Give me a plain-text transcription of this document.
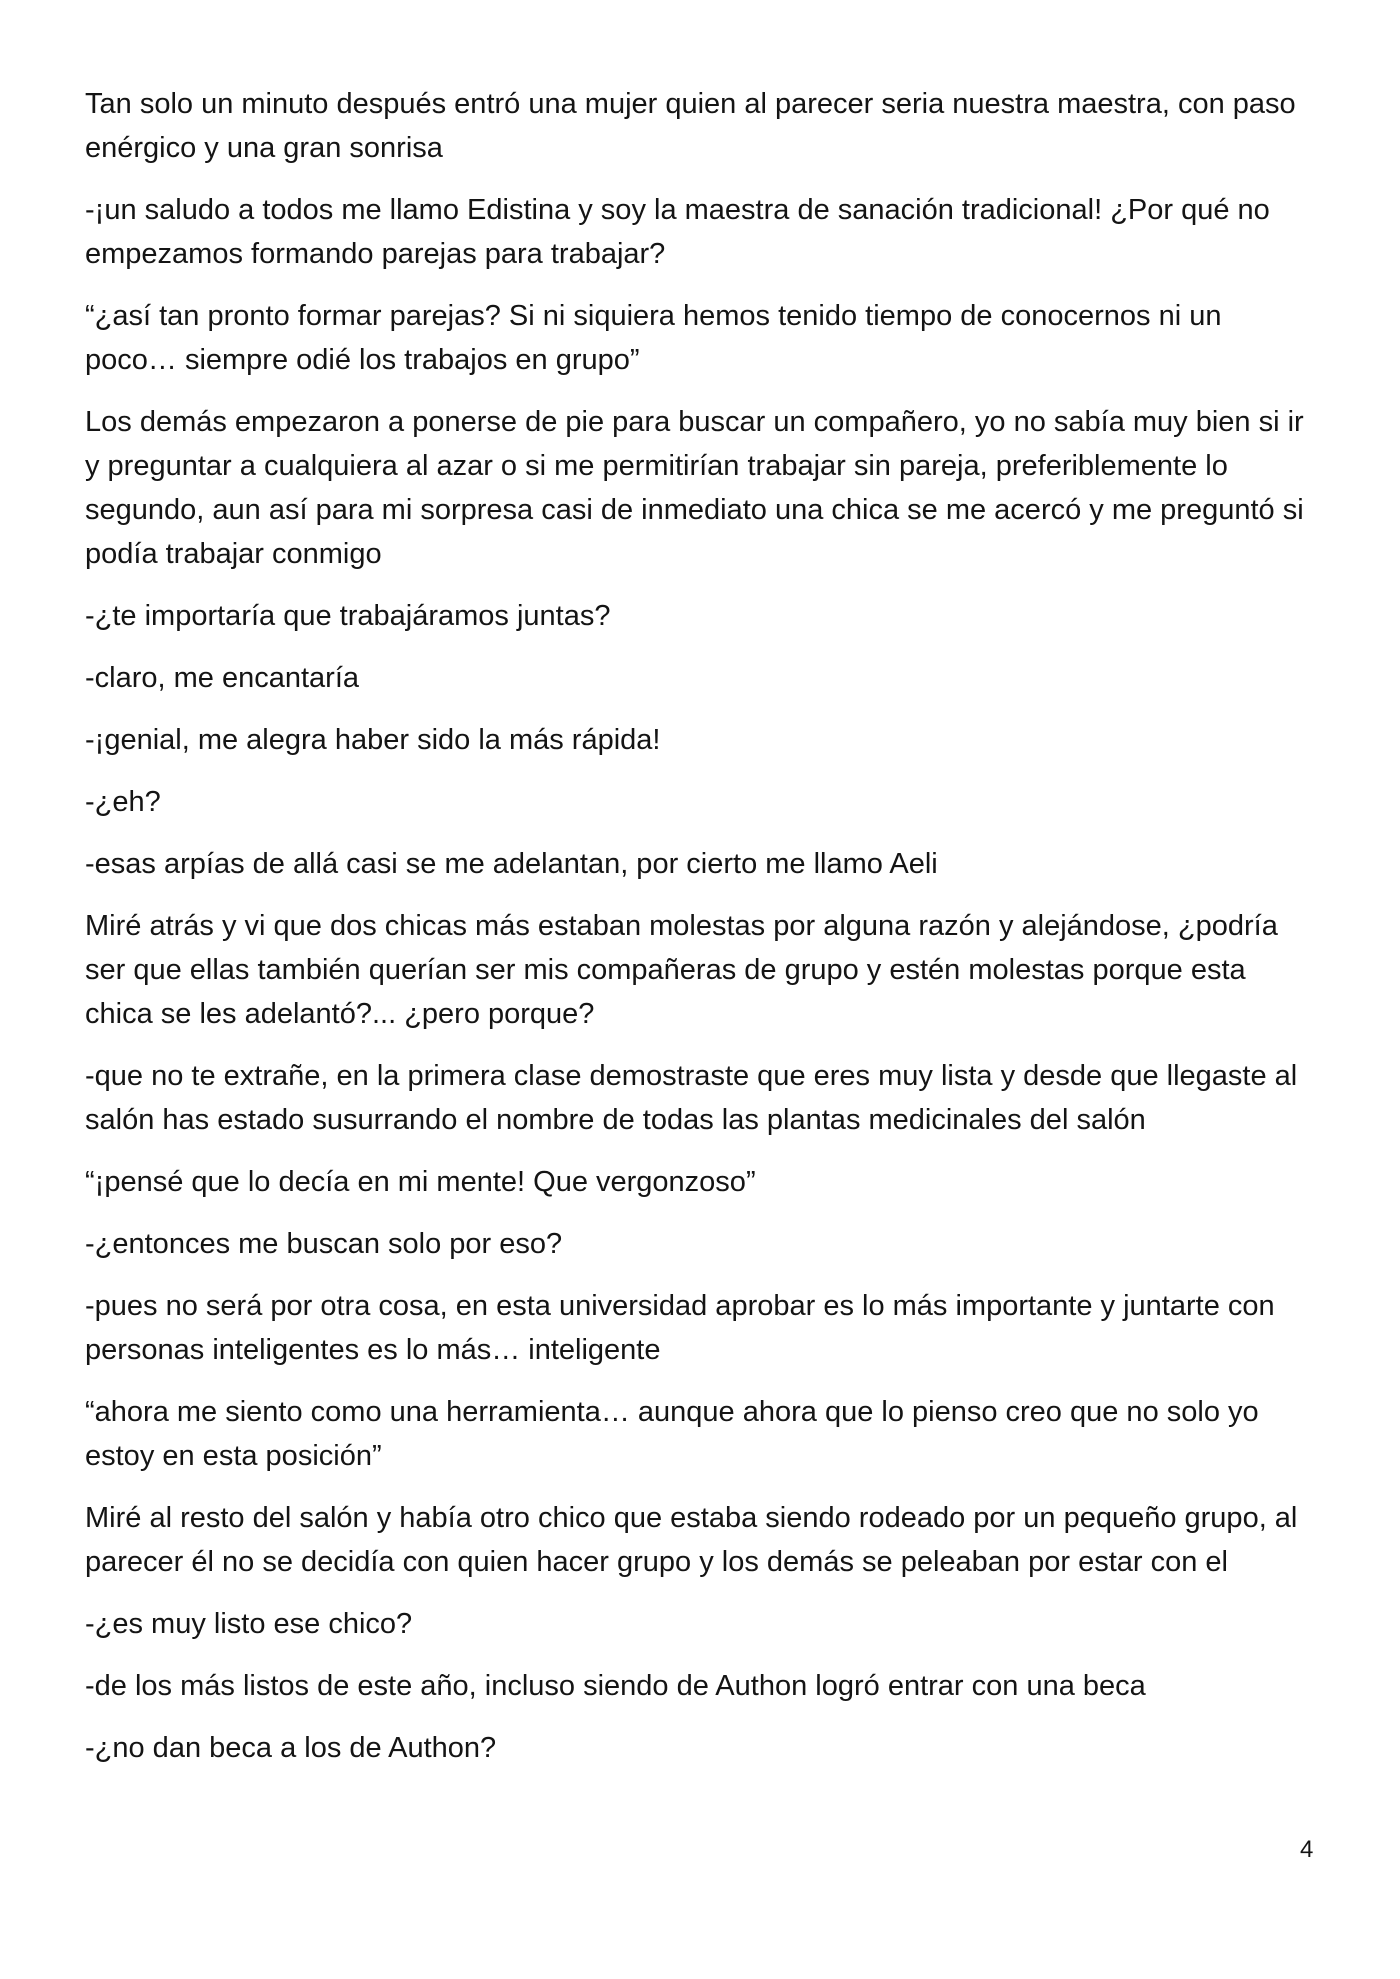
Tan solo un minuto después entró una mujer quien al parecer seria nuestra maestra, con paso enérgico y una gran sonrisa

-¡un saludo a todos me llamo Edistina y soy la maestra de sanación tradicional! ¿Por qué no empezamos formando parejas para trabajar?

“¿así tan pronto formar parejas? Si ni siquiera hemos tenido tiempo de conocernos ni un poco… siempre odié los trabajos en grupo”

Los demás empezaron a ponerse de pie para buscar un compañero, yo no sabía muy bien si ir y preguntar a cualquiera al azar o si me permitirían trabajar sin pareja, preferiblemente lo segundo, aun así para mi sorpresa casi de inmediato una chica se me acercó y me preguntó si podía trabajar conmigo

-¿te importaría que trabajáramos juntas?

-claro, me encantaría

-¡genial, me alegra haber sido la más rápida!

-¿eh?

-esas arpías de allá casi se me adelantan, por cierto me llamo Aeli

Miré atrás y vi que dos chicas más estaban molestas por alguna razón y alejándose, ¿podría ser que ellas también querían ser mis compañeras de grupo y estén molestas porque esta chica se les adelantó?... ¿pero porque?

-que no te extrañe, en la primera clase demostraste que eres muy lista y desde que llegaste al salón has estado susurrando el nombre de todas las plantas medicinales del salón

“¡pensé que lo decía en mi mente! Que vergonzoso”

-¿entonces me buscan solo por eso?

-pues no será por otra cosa, en esta universidad aprobar es lo más importante y juntarte con personas inteligentes es lo más… inteligente

“ahora me siento como una herramienta… aunque ahora que lo pienso creo que no solo yo estoy en esta posición”

Miré al resto del salón y había otro chico que estaba siendo rodeado por un pequeño grupo, al parecer él no se decidía con quien hacer grupo y los demás se peleaban por estar con el

-¿es muy listo ese chico?

-de los más listos de este año, incluso siendo de Authon logró entrar con una beca

-¿no dan beca a los de Authon?

4
